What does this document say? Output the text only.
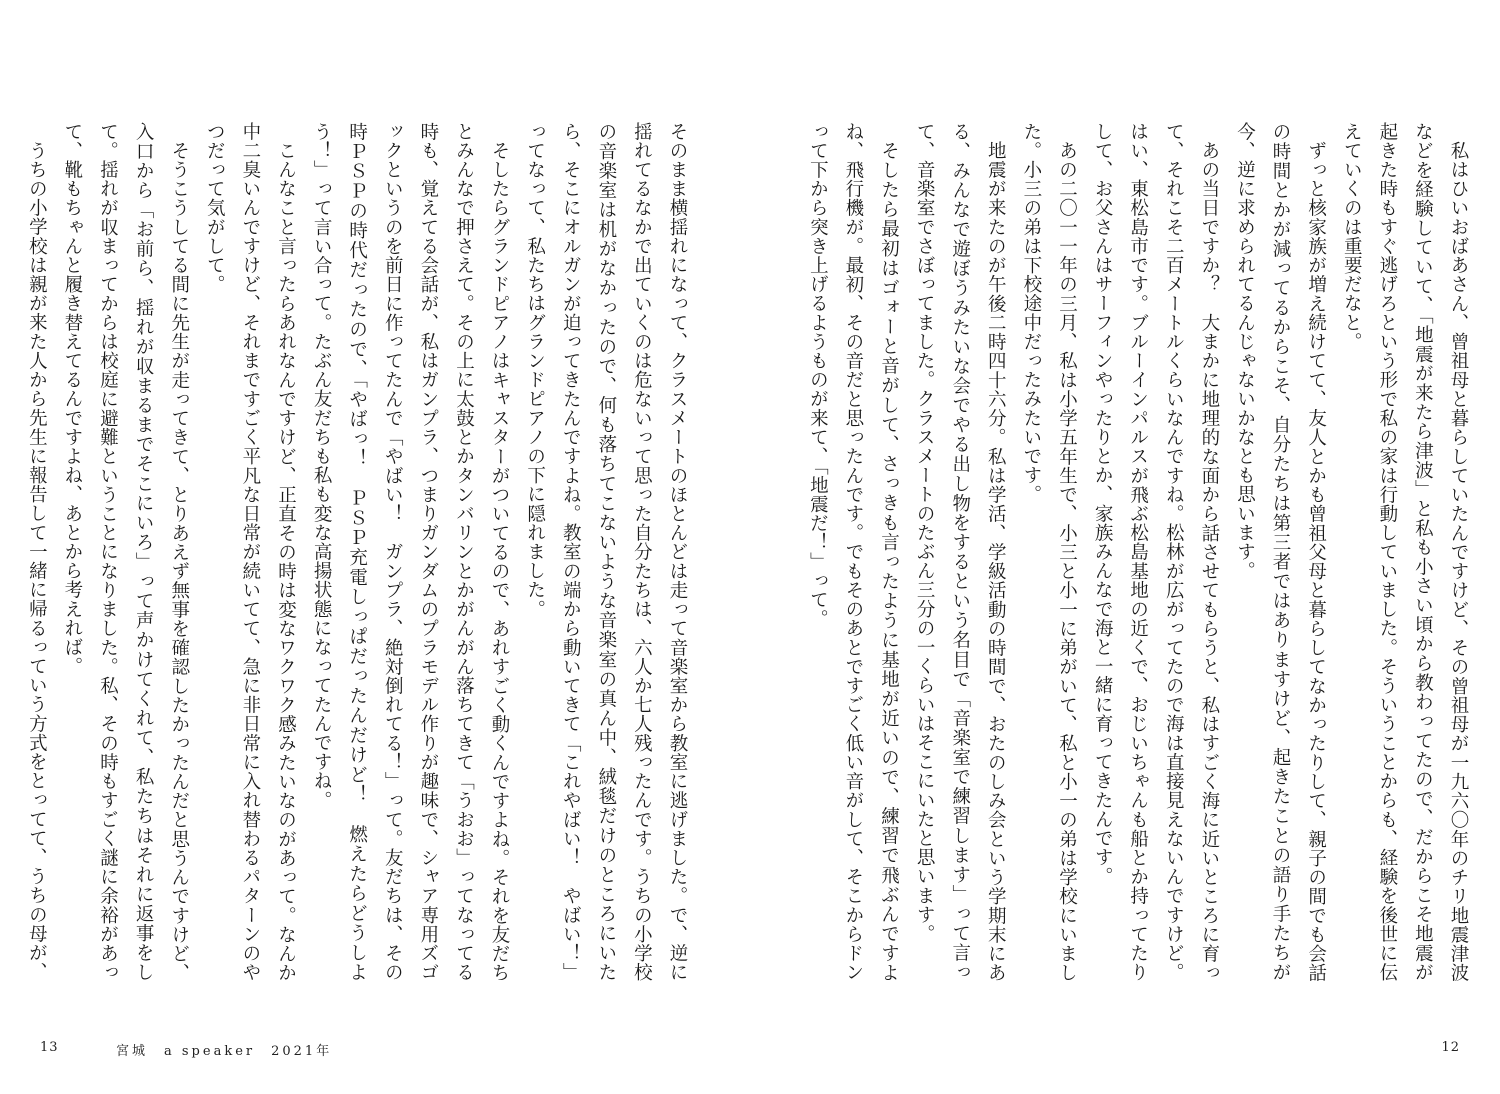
そのまま横揺れになって、クラスメートのほとんどは走って音楽室から教室に逃げました。で、逆に揺れてるなかで出ていくのは危ないって思った自分たちは、六人か七人残ったんです。うちの小学校の音楽室は机がなかったので、何も落ちてこないような音楽室の真ん中、絨毯だけのところにいたら、そこにオルガンが迫ってきたんですよね。教室の端から動いてきて「これやばい！　やばい！」ってなって、私たちはグランドピアノの下に隠れました。

そしたらグランドピアノはキャスターがついてるので、あれすごく動くんですよね。それを友だちとみんなで押さえて。その上に太鼓とかタンバリンとかがんがん落ちてきて「うおお」ってなってる時も、覚えてる会話が、私はガンプラ、つまりガンダムのプラモデル作りが趣味で、シャア専用ズゴックというのを前日に作ってたんで「やばい！　ガンプラ、絶対倒れてる！」って。友だちは、その時ＰＳＰの時代だったので、「やばっ！　ＰＳＰ充電しっぱだったんだけど！　燃えたらどうしよう！」って言い合って。たぶん友だちも私も変な高揚状態になってたんですね。

こんなこと言ったらあれなんですけど、正直その時は変なワクワク感みたいなのがあって。なんか中二臭いんですけど、それまですごく平凡な日常が続いてて、急に非日常に入れ替わるパターンのやつだって気がして。

そうこうしてる間に先生が走ってきて、とりあえず無事を確認したかったんだと思うんですけど、入口から「お前ら、揺れが収まるまでそこにいろ」って声かけてくれて、私たちはそれに返事をして。揺れが収まってからは校庭に避難ということになりました。私、その時もすごく謎に余裕があって、靴もちゃんと履き替えてるんですよね、あとから考えれば。

うちの小学校は親が来た人から先生に報告して一緒に帰るっていう方式をとってて、うちの母が、

13	宮城　a speaker　2021年

私はひいおばあさん、曾祖母と暮らしていたんですけど、その曾祖母が一九六〇年のチリ地震津波などを経験していて、「地震が来たら津波」と私も小さい頃から教わってたので、だからこそ地震が起きた時もすぐ逃げろという形で私の家は行動していました。そういうことからも、経験を後世に伝えていくのは重要だなと。

ずっと核家族が増え続けてて、友人とかも曾祖父母と暮らしてなかったりして、親子の間でも会話の時間とかが減ってるからこそ、自分たちは第三者ではありますけど、起きたことの語り手たちが今、逆に求められてるんじゃないかなとも思います。

あの当日ですか？　大まかに地理的な面から話させてもらうと、私はすごく海に近いところに育って、それこそ二百メートルくらいなんですね。松林が広がってたので海は直接見えないんですけど。はい、東松島市です。ブルーインパルスが飛ぶ松島基地の近くで、おじいちゃんも船とか持ってたりして、お父さんはサーフィンやったりとか、家族みんなで海と一緒に育ってきたんです。

あの二〇一一年の三月、私は小学五年生で、小三と小一に弟がいて、私と小一の弟は学校にいました。小三の弟は下校途中だったみたいです。

地震が来たのが午後二時四十六分。私は学活、学級活動の時間で、おたのしみ会という学期末にある、みんなで遊ぼうみたいな会でやる出し物をするという名目で「音楽室で練習します」って言って、音楽室でさぼってました。クラスメートのたぶん三分の一くらいはそこにいたと思います。

そしたら最初はゴォーと音がして、さっきも言ったように基地が近いので、練習で飛ぶんですよね、飛行機が。最初、その音だと思ったんです。でもそのあとですごく低い音がして、そこからドンって下から突き上げるようものが来て、「地震だ！」って。

12
